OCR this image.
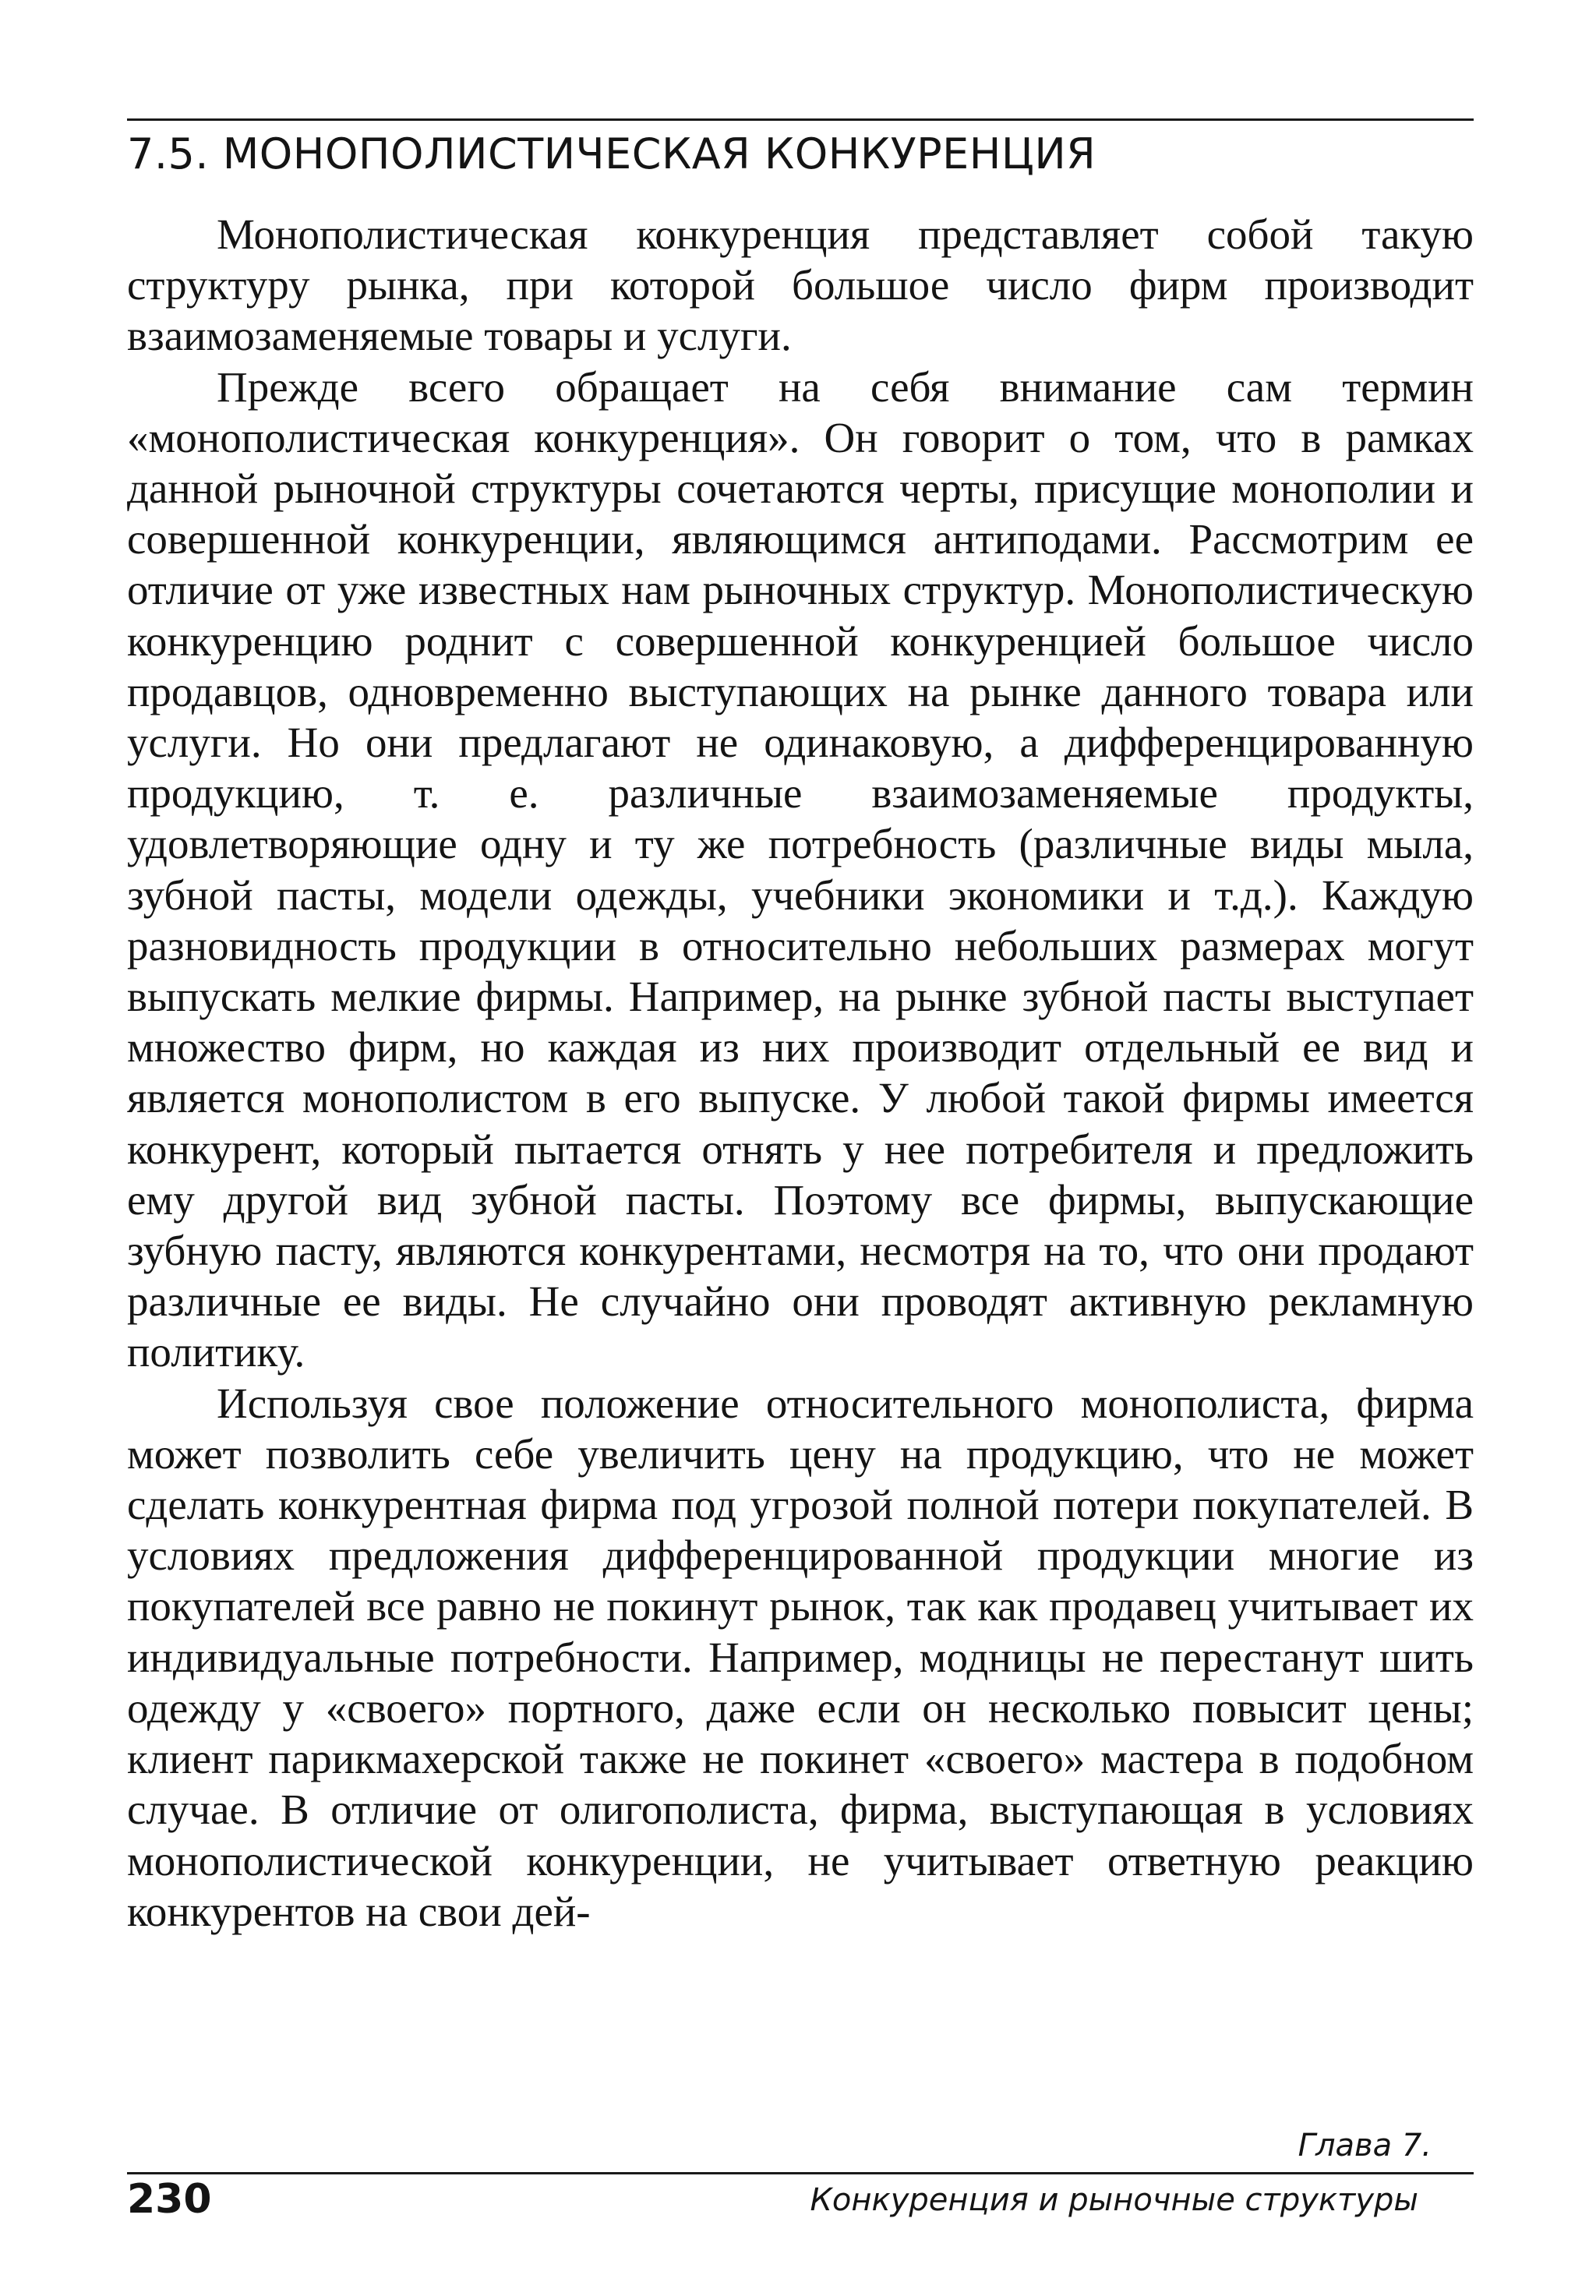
7.5. МОНОПОЛИСТИЧЕСКАЯ КОНКУРЕНЦИЯ

Монополистическая конкуренция представляет собой такую структуру рынка, при которой большое число фирм производит взаимозаменяемые товары и услуги.

Прежде всего обращает на себя внимание сам термин «монополистическая конкуренция». Он говорит о том, что в рамках данной рыночной структуры сочетаются черты, присущие монополии и совершенной конкуренции, являющимся антиподами. Рассмотрим ее отличие от уже известных нам рыночных структур. Монополистическую конкуренцию роднит с совершенной конкуренцией большое число продавцов, одновременно выступающих на рынке данного товара или услуги. Но они предлагают не одинаковую, а дифференцированную продукцию, т. е. различные взаимозаменяемые продукты, удовлетворяющие одну и ту же потребность (различные виды мыла, зубной пасты, модели одежды, учебники экономики и т.д.). Каждую разновидность продукции в относительно небольших размерах могут выпускать мелкие фирмы. Например, на рынке зубной пасты выступает множество фирм, но каждая из них производит отдельный ее вид и является монополистом в его выпуске. У любой такой фирмы имеется конкурент, который пытается отнять у нее потребителя и предложить ему другой вид зубной пасты. Поэтому все фирмы, выпускающие зубную пасту, являются конкурентами, несмотря на то, что они продают различные ее виды. Не случайно они проводят активную рекламную политику.

Используя свое положение относительного монополиста, фирма может позволить себе увеличить цену на продукцию, что не может сделать конкурентная фирма под угрозой полной потери покупателей. В условиях предложения дифференцированной продукции многие из покупателей все равно не покинут рынок, так как продавец учитывает их индивидуальные потребности. Например, модницы не перестанут шить одежду у «своего» портного, даже если он несколько повысит цены; клиент парикмахерской также не покинет «своего» мастера в подобном случае. В отличие от олигополиста, фирма, выступающая в условиях монополистической конкуренции, не учитывает ответную реакцию конкурентов на свои дей-

Глава 7.
230	Конкуренция и рыночные структуры
